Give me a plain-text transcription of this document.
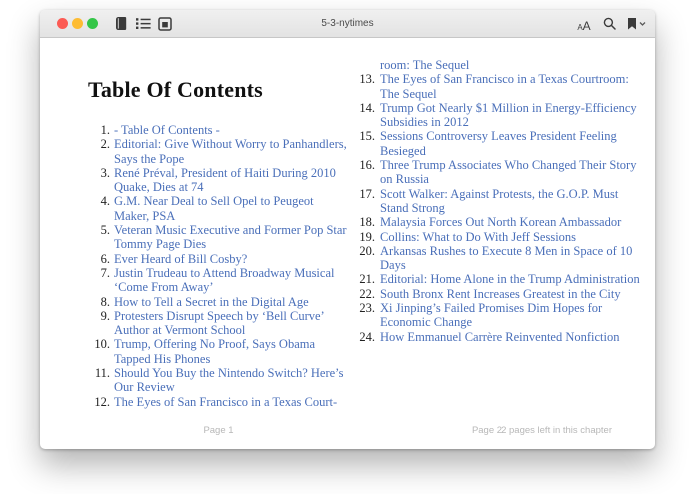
5-3-nytimes	A A
Table Of Contents
1. - Table Of Contents -
2. Editorial: Give Without Worry to Panhandlers, Says the Pope
3. René Préval, President of Haiti During 2010 Quake, Dies at 74
4. G.M. Near Deal to Sell Opel to Peugeot Maker, PSA
5. Veteran Music Executive and Former Pop Star Tommy Page Dies
6. Ever Heard of Bill Cosby?
7. Justin Trudeau to Attend Broadway Musical ‘Come From Away’
8. How to Tell a Secret in the Digital Age
9. Protesters Disrupt Speech by ‘Bell Curve’ Author at Vermont School
10. Trump, Offering No Proof, Says Obama Tapped His Phones
11. Should You Buy the Nintendo Switch? Here’s Our Review
12. The Eyes of San Francisco in a Texas Court-
room: The Sequel
13. The Eyes of San Francisco in a Texas Courtroom: The Sequel
14. Trump Got Nearly $1 Million in Energy-Efficiency Subsidies in 2012
15. Sessions Controversy Leaves President Feeling Besieged
16. Three Trump Associates Who Changed Their Story on Russia
17. Scott Walker: Against Protests, the G.O.P. Must Stand Strong
18. Malaysia Forces Out North Korean Ambassador
19. Collins: What to Do With Jeff Sessions
20. Arkansas Rushes to Execute 8 Men in Space of 10 Days
21. Editorial: Home Alone in the Trump Administration
22. South Bronx Rent Increases Greatest in the City
23. Xi Jinping’s Failed Promises Dim Hopes for Economic Change
24. How Emmanuel Carrère Reinvented Nonfiction
Page 1	Page 2 2 pages left in this chapter
